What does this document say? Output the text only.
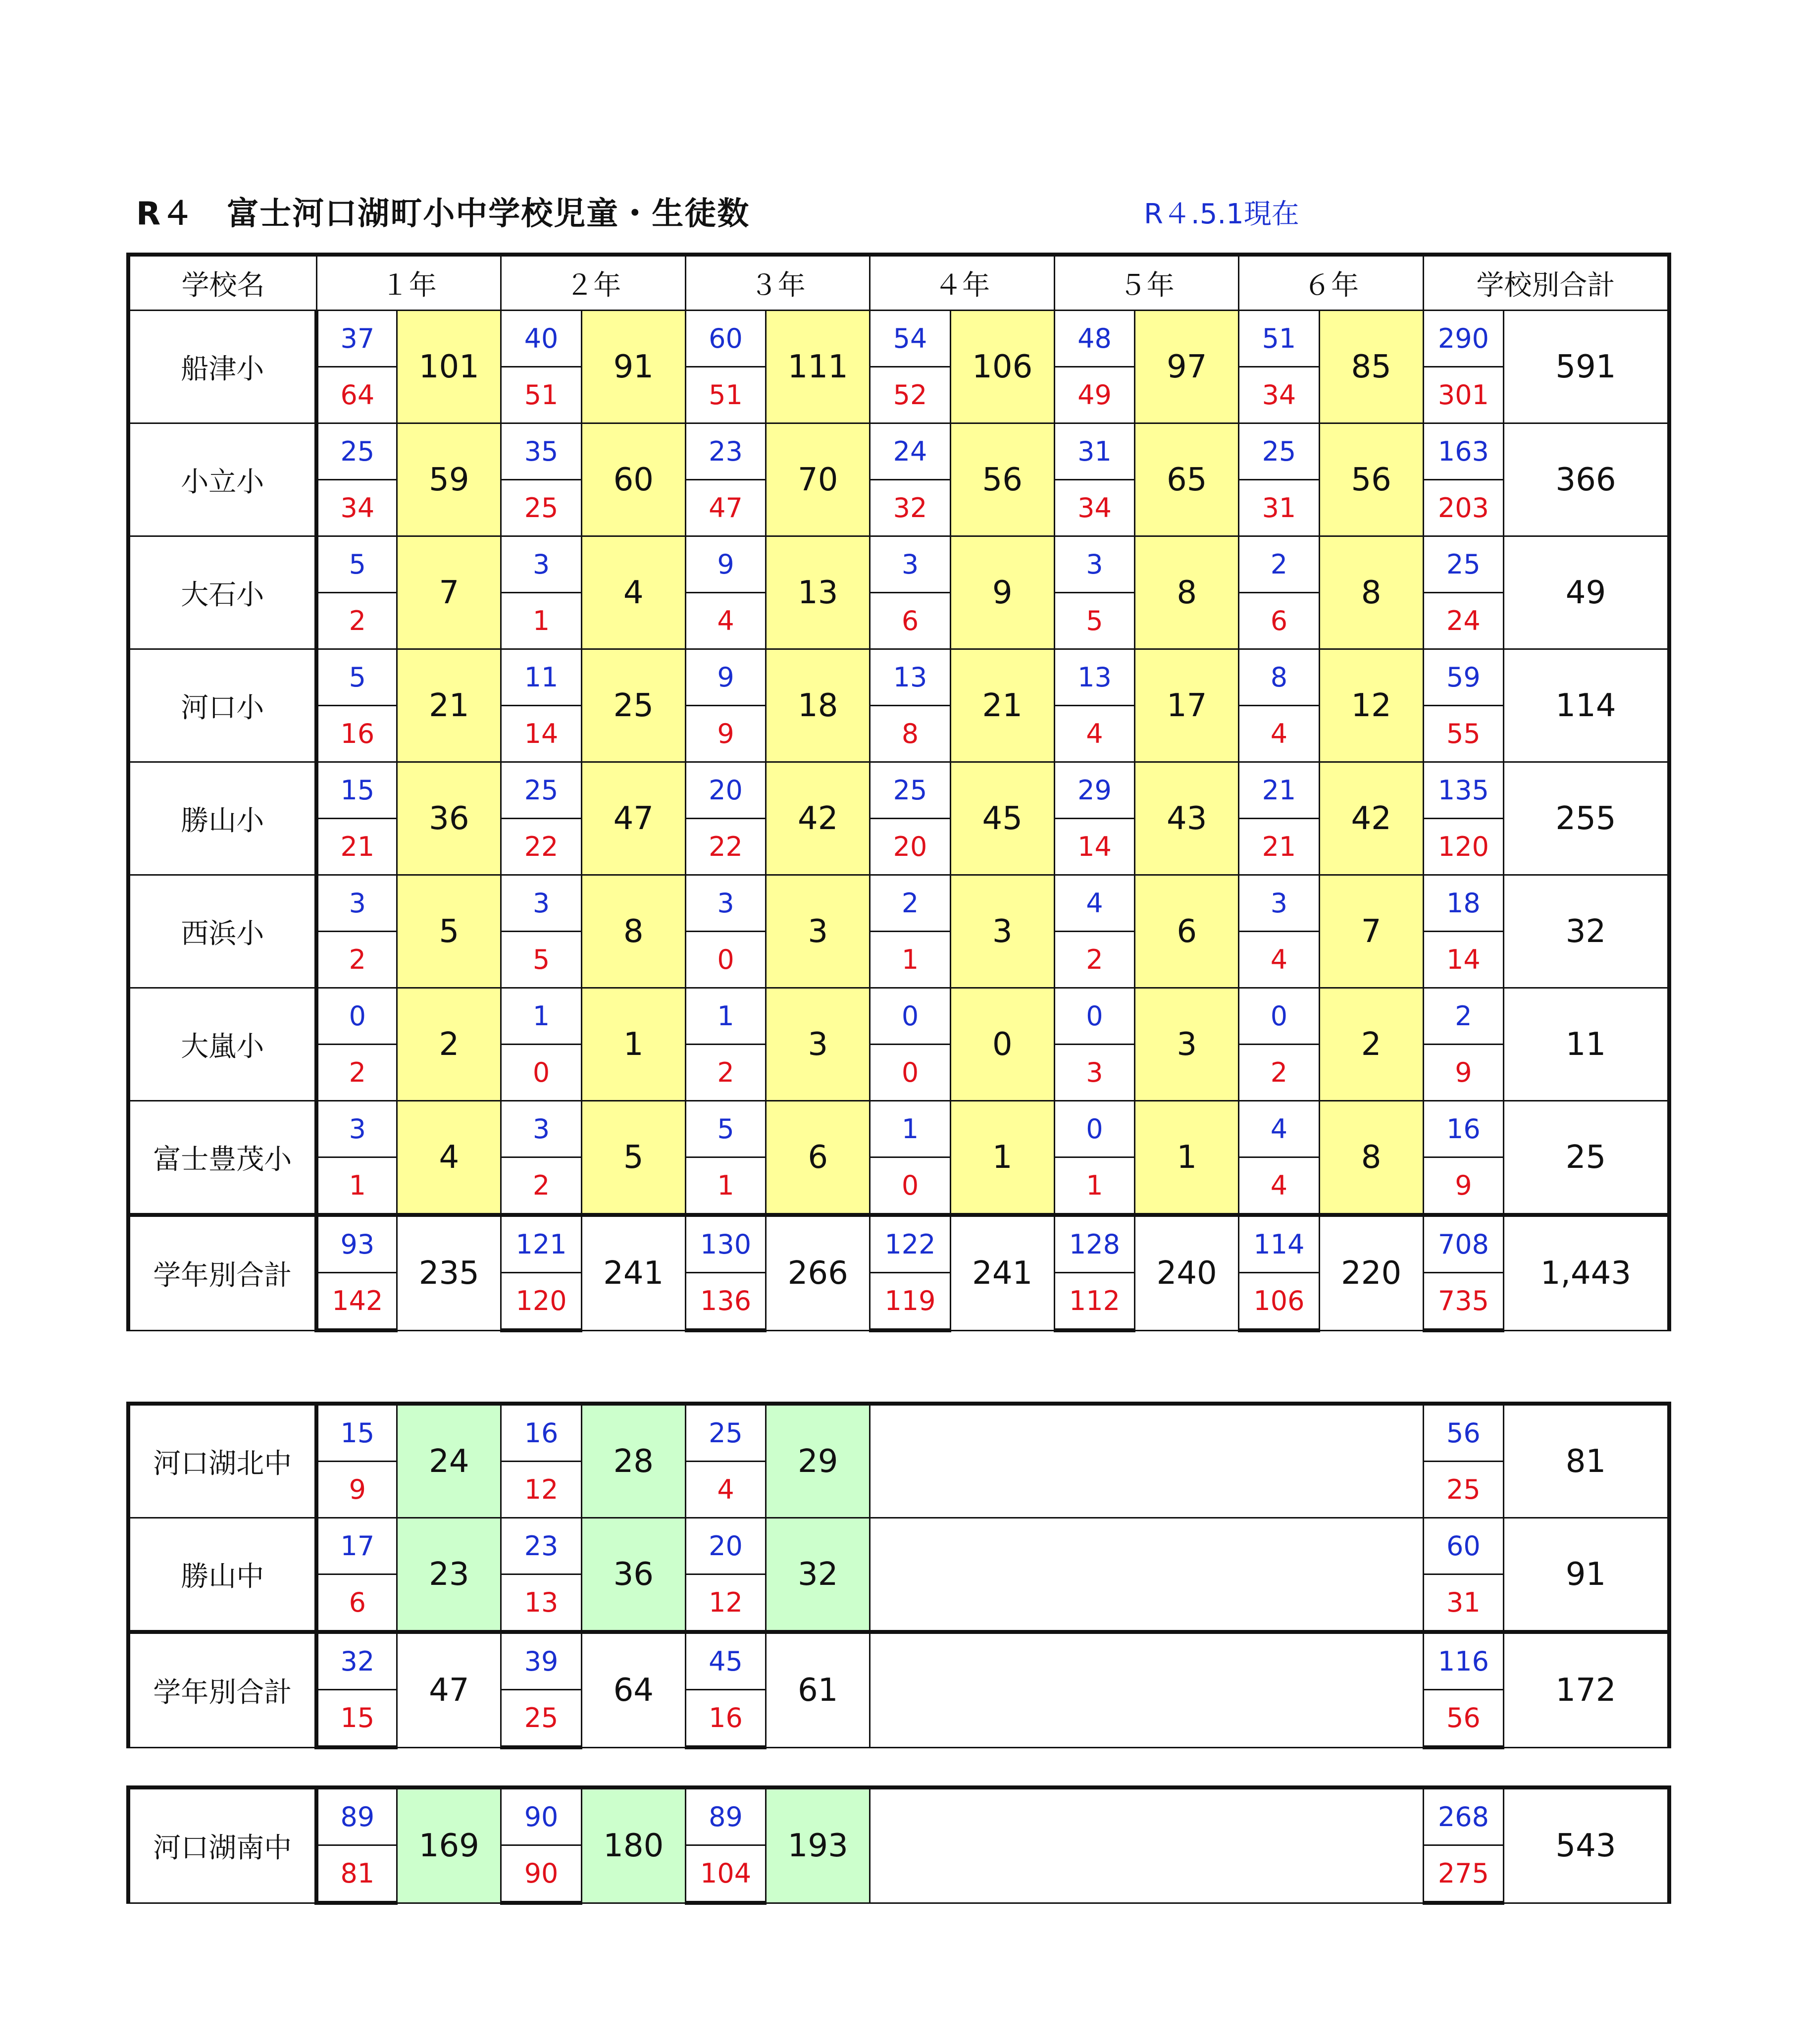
R４　富士河口湖町小中学校児童・生徒数	R４.5.1現在
学校名	１年		２年		３年		４年		５年		６年		学校別合計	
船津小	37	101	40	91	60	111	54	106	48	97	51	85	290	591
	64		51		51		52		49		34		301	
小立小	25	59	35	60	23	70	24	56	31	65	25	56	163	366
	34		25		47		32		34		31		203	
大石小	5	7	3	4	9	13	3	9	3	8	2	8	25	49
	2		1		4		6		5		6		24	
河口小	5	21	11	25	9	18	13	21	13	17	8	12	59	114
	16		14		9		8		4		4		55	
勝山小	15	36	25	47	20	42	25	45	29	43	21	42	135	255
	21		22		22		20		14		21		120	
西浜小	3	5	3	8	3	3	2	3	4	6	3	7	18	32
	2		5		0		1		2		4		14	
大嵐小	0	2	1	1	1	3	0	0	0	3	0	2	2	11
	2		0		2		0		3		2		9	
富士豊茂小	3	4	3	5	5	6	1	1	0	1	4	8	16	25
	1		2		1		0		1		4		9	
学年別合計	93	235	121	241	130	266	122	241	128	240	114	220	708	1,443
	142		120		136		119		112		106		735	
河口湖北中	15	24	16	28	25	29		56	81
	9		12		4			25	
勝山中	17	23	23	36	20	32		60	91
	6		13		12			31	
学年別合計	32	47	39	64	45	61		116	172
	15		25		16			56	
河口湖南中	89	169	90	180	89	193		268	543
	81		90		104			275	
